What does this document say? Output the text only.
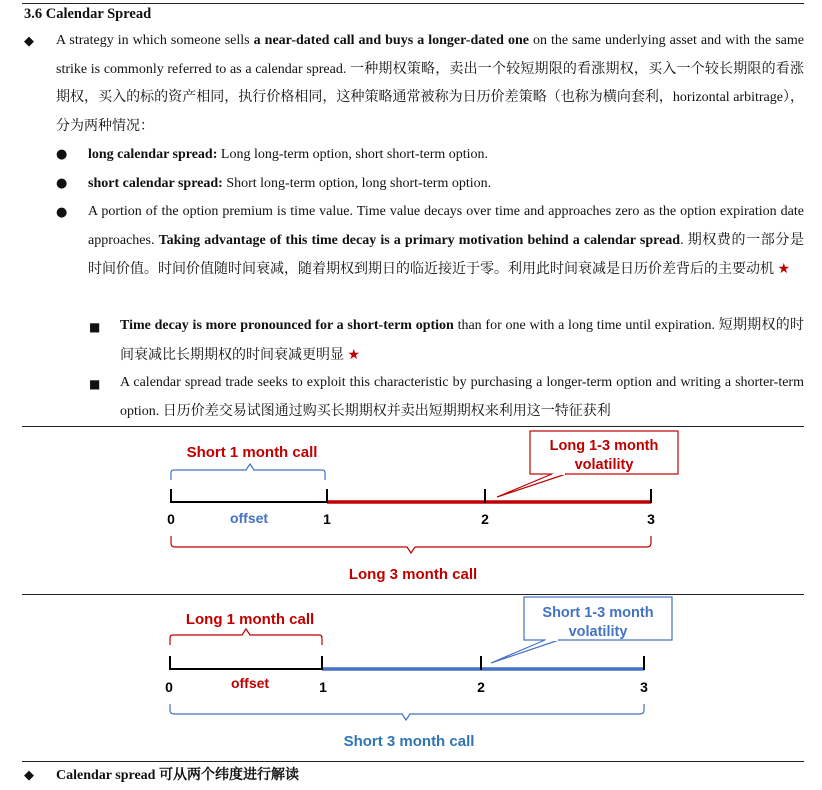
3.6 Calendar Spread
◆ A strategy in which someone sells a near-dated call and buys a longer-dated one on the same underlying asset and with the same strike is commonly referred to as a calendar spread. 一种期权策略，卖出一个较短期限的看涨期权，买入一个较长期限的看涨期权，买入的标的资产相同，执行价格相同，这种策略通常被称为日历价差策略（也称为横向套利，horizontal arbitrage），分为两种情况：
● long calendar spread: Long long-term option, short short-term option.
● short calendar spread: Short long-term option, long short-term option.
● A portion of the option premium is time value. Time value decays over time and approaches zero as the option expiration date approaches. Taking advantage of this time decay is a primary motivation behind a calendar spread. 期权费的一部分是时间价值。时间价值随时间衰减，随着期权到期日的临近接近于零。利用此时间衰减是日历价差背后的主要动机 ★
■ Time decay is more pronounced for a short-term option than for one with a long time until expiration. 短期期权的时间衰减比长期期权的时间衰减更明显 ★
■ A calendar spread trade seeks to exploit this characteristic by purchasing a longer-term option and writing a shorter-term option. 日历价差交易试图通过购买长期期权并卖出短期期权来利用这一特征获利
Short 1 month call
0	1	2	3
offset
Long 1-3 month
volatility
Long 3 month call
Long 1 month call
0	1	2	3
offset
Short 1-3 month
volatility
Short 3 month call
◆ Calendar spread 可从两个纬度进行解读
